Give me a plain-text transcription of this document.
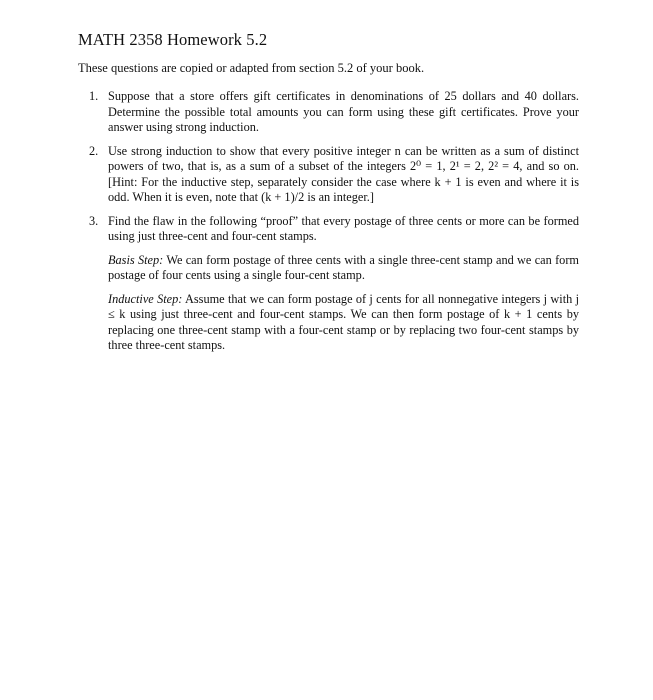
MATH 2358 Homework 5.2
These questions are copied or adapted from section 5.2 of your book.
1. Suppose that a store offers gift certificates in denominations of 25 dollars and 40 dollars. Determine the possible total amounts you can form using these gift certificates. Prove your answer using strong induction.

2. Use strong induction to show that every positive integer n can be written as a sum of distinct powers of two, that is, as a sum of a subset of the integers 2⁰ = 1, 2¹ = 2, 2² = 4, and so on. [Hint: For the inductive step, separately consider the case where k + 1 is even and where it is odd. When it is even, note that (k + 1)/2 is an integer.]

3. Find the flaw in the following “proof” that every postage of three cents or more can be formed using just three-cent and four-cent stamps.

Basis Step: We can form postage of three cents with a single three-cent stamp and we can form postage of four cents using a single four-cent stamp.

Inductive Step: Assume that we can form postage of j cents for all nonnegative integers j with j ≤ k using just three-cent and four-cent stamps. We can then form postage of k + 1 cents by replacing one three-cent stamp with a four-cent stamp or by replacing two four-cent stamps by three three-cent stamps.
